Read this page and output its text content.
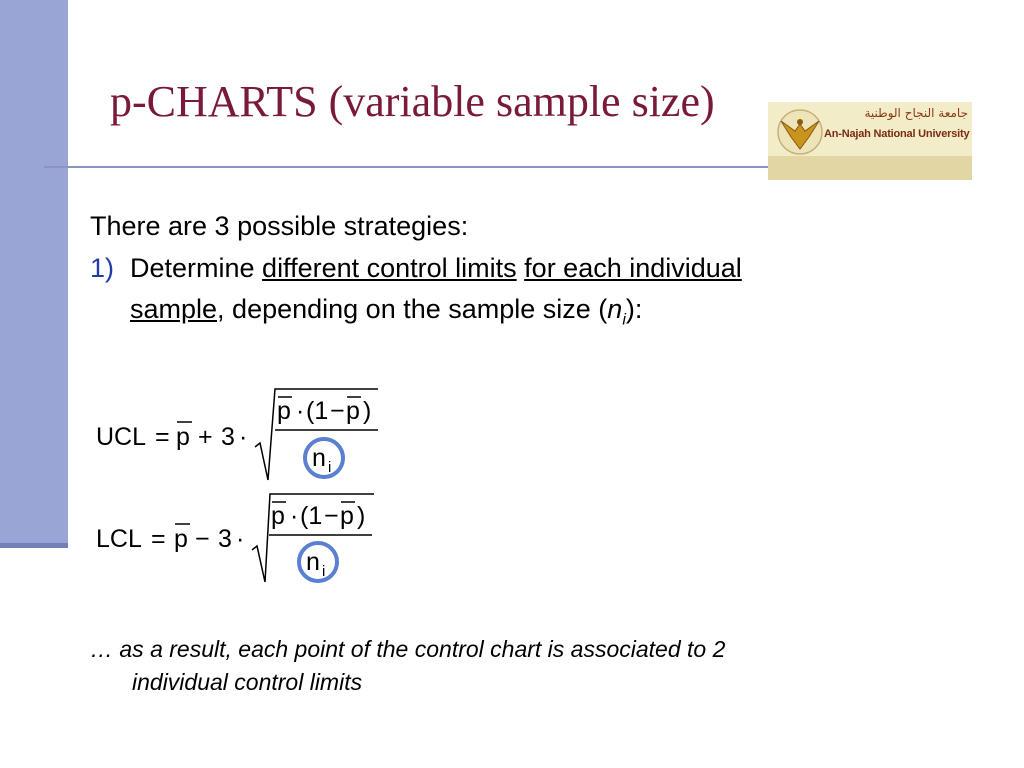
p-CHARTS (variable sample size)	جامعة النجاح الوطنية
An-Najah National University
There are 3 possible strategies:
1) Determine different control limits for each individual
sample, depending on the sample size $(n_i)$:
UCL = p + 3 ·
p · (1 − p )
n i
LCL = p − 3 ·
p · (1 − p )
n i
… as a result, each point of the control chart is associated to 2
individual control limits
